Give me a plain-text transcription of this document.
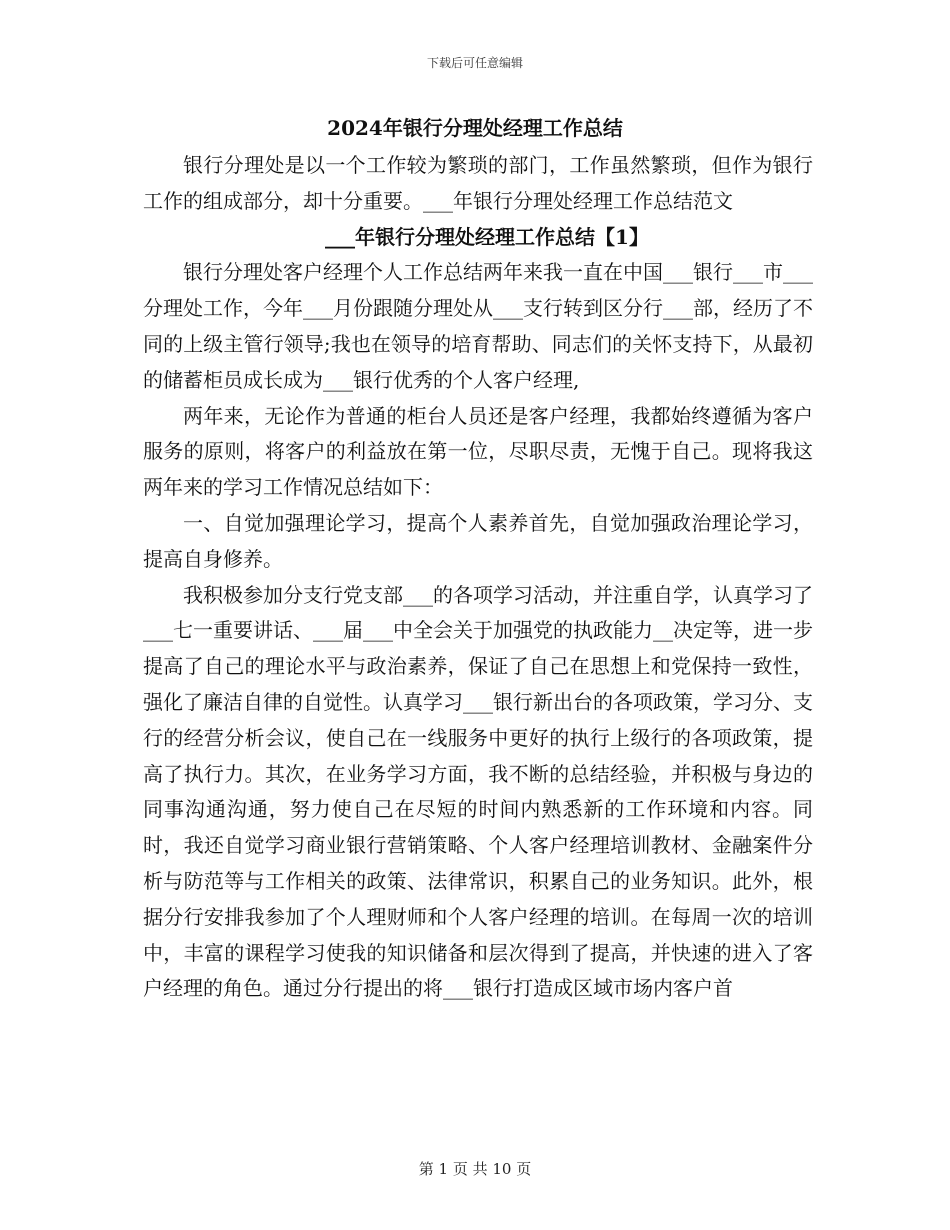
下载后可任意编辑
2024年银行分理处经理工作总结

银行分理处是以一个工作较为繁琐的部门，工作虽然繁琐，但作为银行工作的组成部分，却十分重要。___年银行分理处经理工作总结范文

___年银行分理处经理工作总结【1】

银行分理处客户经理个人工作总结两年来我一直在中国___银行___市___分理处工作，今年___月份跟随分理处从___支行转到区分行___部，经历了不同的上级主管行领导;我也在领导的培育帮助、同志们的关怀支持下，从最初的储蓄柜员成长成为___银行优秀的个人客户经理,

两年来，无论作为普通的柜台人员还是客户经理，我都始终遵循为客户服务的原则，将客户的利益放在第一位，尽职尽责，无愧于自己。现将我这两年来的学习工作情况总结如下：

一、自觉加强理论学习，提高个人素养首先，自觉加强政治理论学习，提高自身修养。

我积极参加分支行党支部___的各项学习活动，并注重自学，认真学习了___七一重要讲话、___届___中全会关于加强党的执政能力__决定等，进一步提高了自己的理论水平与政治素养，保证了自己在思想上和党保持一致性，强化了廉洁自律的自觉性。认真学习___银行新出台的各项政策，学习分、支行的经营分析会议，使自己在一线服务中更好的执行上级行的各项政策，提高了执行力。其次，在业务学习方面，我不断的总结经验，并积极与身边的同事沟通沟通，努力使自己在尽短的时间内熟悉新的工作环境和内容。同时，我还自觉学习商业银行营销策略、个人客户经理培训教材、金融案件分析与防范等与工作相关的政策、法律常识，积累自己的业务知识。此外，根据分行安排我参加了个人理财师和个人客户经理的培训。在每周一次的培训中，丰富的课程学习使我的知识储备和层次得到了提高，并快速的进入了客户经理的角色。通过分行提出的将___银行打造成区域市场内客户首

第 1 页 共 10 页
